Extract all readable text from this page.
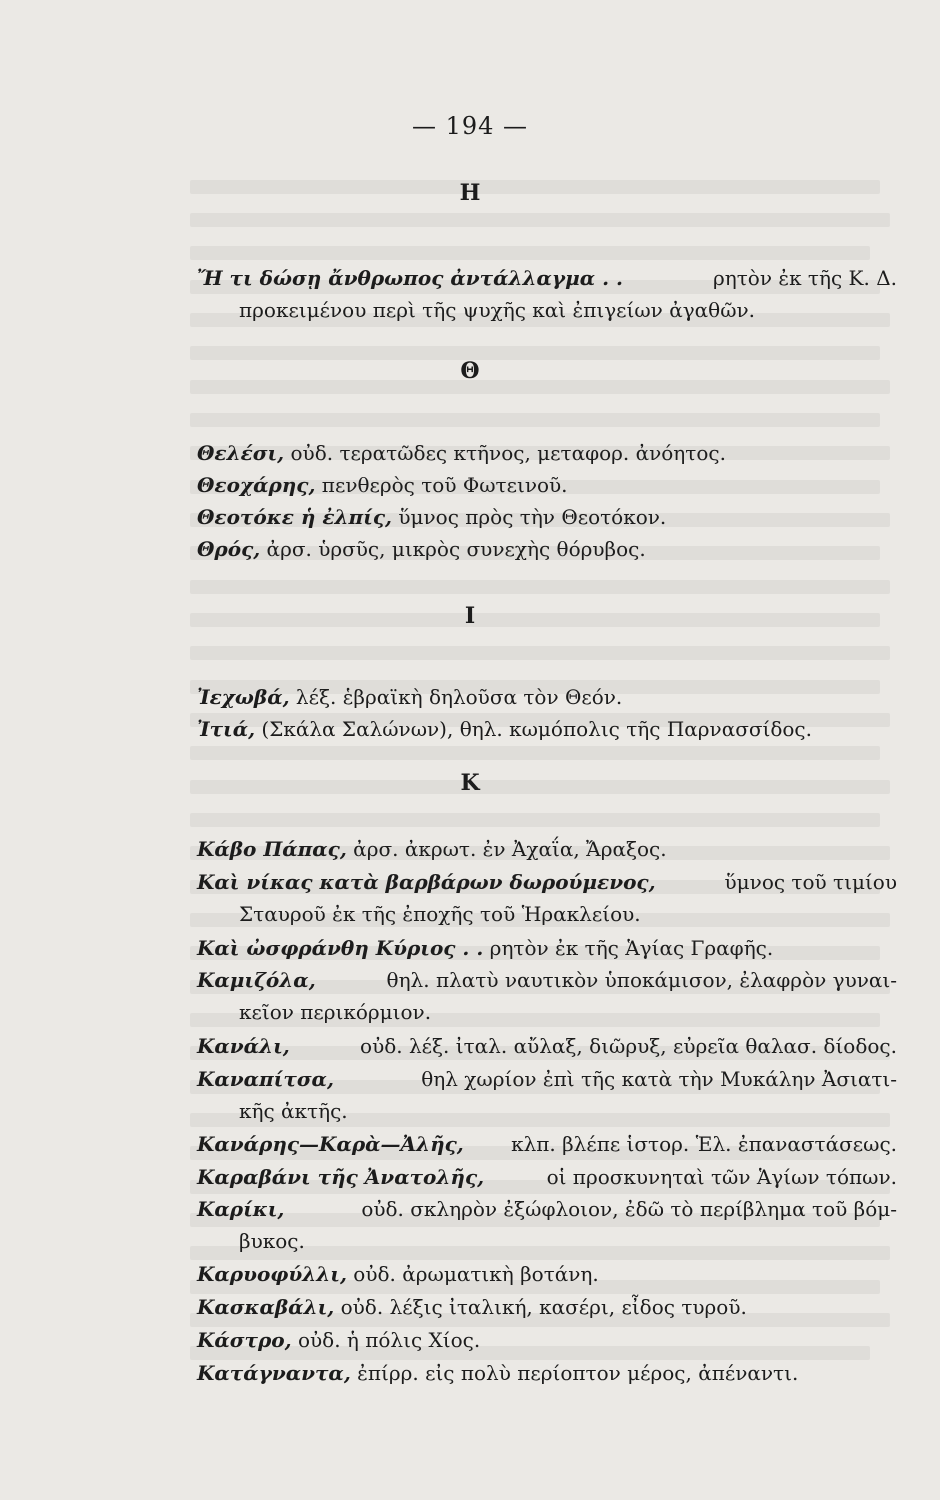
— 194 —
Η
Ἤ τι δώσῃ ἄνθρωπος ἀντάλλαγμα . .	ρητὸν ἐκ τῆς Κ. Δ.
προκειμένου περὶ τῆς ψυχῆς καὶ ἐπιγείων ἀγαθῶν.
Θ
Θελέσι, οὐδ. τερατῶδες κτῆνος, μεταφορ. ἀνόητος.
Θεοχάρης, πενθερὸς τοῦ Φωτεινοῦ.
Θεοτόκε ἡ ἐλπίς, ὕμνος πρὸς τὴν Θεοτόκον.
Θρός, ἀρσ. ὑρσῦς, μικρὸς συνεχὴς θόρυβος.
Ι
Ἰεχωβά, λέξ. ἑβραϊκὴ δηλοῦσα τὸν Θεόν.
Ἰτιά, (Σκάλα Σαλώνων), θηλ. κωμόπολις τῆς Παρνασσίδος.
Κ
Κάβο Πάπας, ἀρσ. ἀκρωτ. ἐν Ἀχαΐα, Ἄραξος.
Καὶ νίκας κατὰ βαρβάρων δωρούμενος,	ὕμνος τοῦ τιμίου
Σταυροῦ ἐκ τῆς ἐποχῆς τοῦ Ἡρακλείου.
Καὶ ὠσφράνθη Κύριος . . ρητὸν ἐκ τῆς Ἁγίας Γραφῆς.
Καμιζόλα,	θηλ. πλατὺ ναυτικὸν ὑποκάμισον, ἐλαφρὸν γυναι-
κεῖον περικόρμιον.
Κανάλι,	οὐδ. λέξ. ἰταλ. αὔλαξ, διῶρυξ, εὐρεῖα θαλασ. δίοδος.
Καναπίτσα,	θηλ χωρίον ἐπὶ τῆς κατὰ τὴν Μυκάλην Ἀσιατι-
κῆς ἀκτῆς.
Κανάρης—Καρὰ—Ἀλῆς, κλπ. βλέπε ἱστορ. Ἑλ. ἐπαναστάσεως.
Καραβάνι τῆς Ἀνατολῆς,	οἱ προσκυνηταὶ τῶν Ἁγίων τόπων.
Καρίκι,	οὐδ. σκληρὸν ἐξώφλοιον, ἐδῶ τὸ περίβλημα τοῦ βόμ-
βυκος.
Καρυοφύλλι, οὐδ. ἀρωματικὴ βοτάνη.
Κασκαβάλι, οὐδ. λέξις ἰταλική, κασέρι, εἶδος τυροῦ.
Κάστρο, οὐδ. ἡ πόλις Χίος.
Κατάγναντα, ἐπίρρ. εἰς πολὺ περίοπτον μέρος, ἀπέναντι.
